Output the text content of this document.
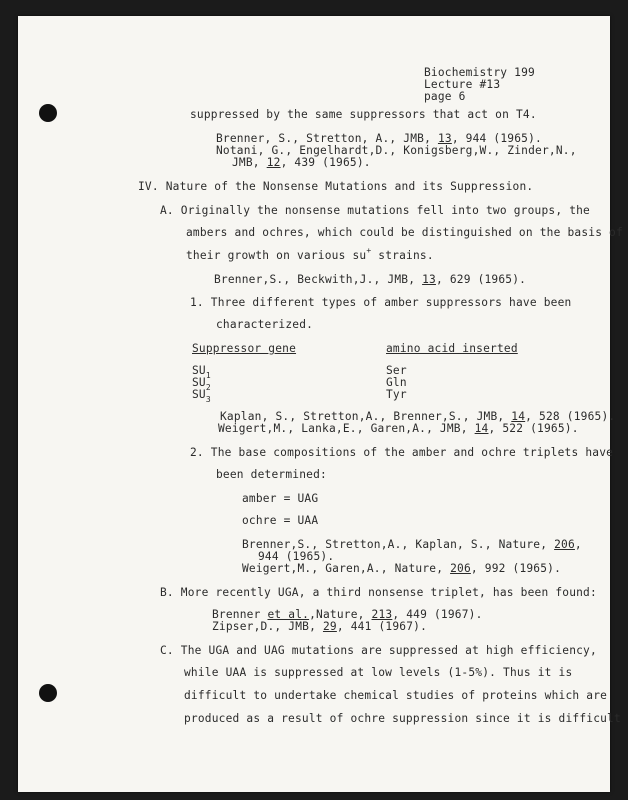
Biochemistry 199
Lecture #13
page 6
suppressed by the same suppressors that act on T4.
Brenner, S., Stretton, A., JMB, 13, 944 (1965).
Notani, G., Engelhardt,D., Konigsberg,W., Zinder,N.,
JMB, 12, 439 (1965).
IV. Nature of the Nonsense Mutations and its Suppression.
A. Originally the nonsense mutations fell into two groups, the
ambers and ochres, which could be distinguished on the basis of
their growth on various su+ strains.
Brenner,S., Beckwith,J., JMB, 13, 629 (1965).
1. Three different types of amber suppressors have been
characterized.
Suppressor gene	amino acid inserted
$SU_1$
$SU_2$
$SU_3$
Ser
Gln
Tyr
Kaplan, S., Stretton,A., Brenner,S., JMB, 14, 528 (1965).
Weigert,M., Lanka,E., Garen,A., JMB, 14, 522 (1965).
2. The base compositions of the amber and ochre triplets have
been determined:
amber = UAG
ochre = UAA
Brenner,S., Stretton,A., Kaplan, S., Nature, 206,
944 (1965).
Weigert,M., Garen,A., Nature, 206, 992 (1965).
B. More recently UGA, a third nonsense triplet, has been found:
Brenner et al.,Nature, 213, 449 (1967).
Zipser,D., JMB, 29, 441 (1967).
C. The UGA and UAG mutations are suppressed at high efficiency,
while UAA is suppressed at low levels (1-5%). Thus it is
difficult to undertake chemical studies of proteins which are
produced as a result of ochre suppression since it is difficult
